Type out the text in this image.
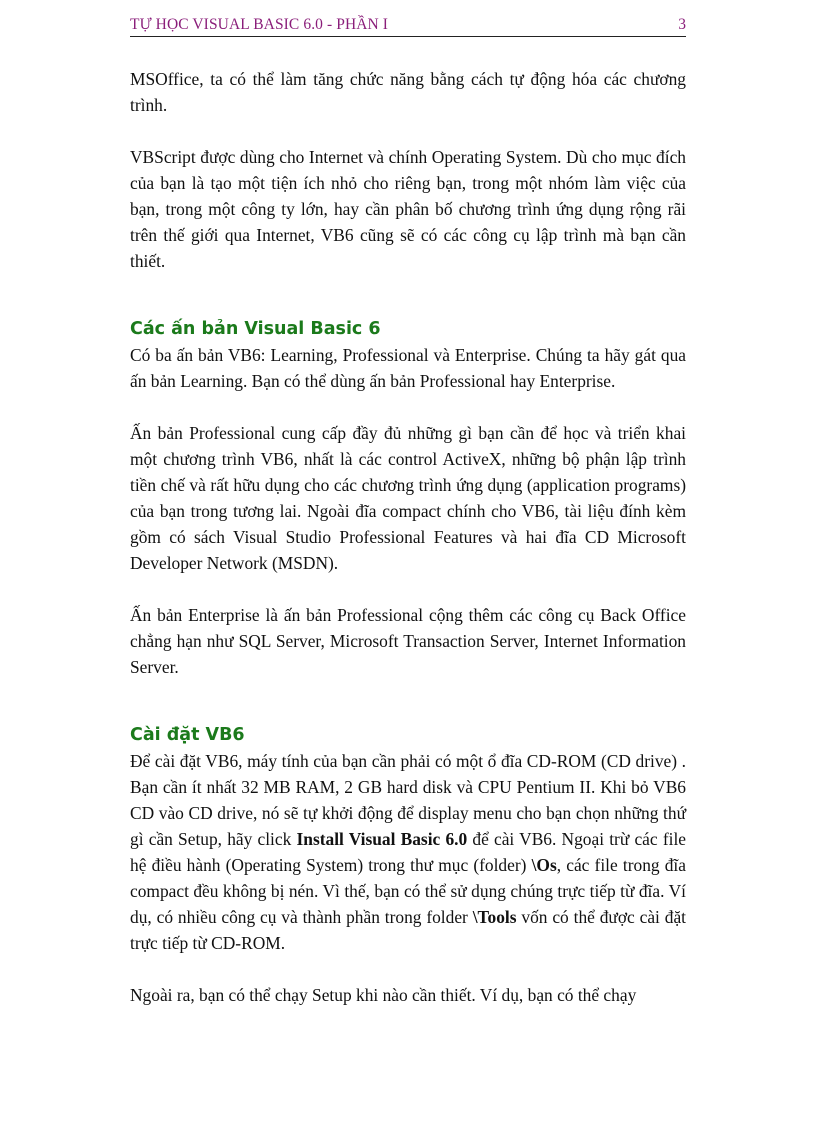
TỰ HỌC VISUAL BASIC 6.0 - PHẦN I	3

MSOffice, ta có thể làm tăng chức năng bằng cách tự động hóa các chương trình.

VBScript được dùng cho Internet và chính Operating System. Dù cho mục đích của bạn là tạo một tiện ích nhỏ cho riêng bạn, trong một nhóm làm việc của bạn, trong một công ty lớn, hay cần phân bố chương trình ứng dụng rộng rãi trên thế giới qua Internet, VB6 cũng sẽ có các công cụ lập trình mà bạn cần thiết.

Các ấn bản Visual Basic 6

Có ba ấn bản VB6: Learning, Professional và Enterprise. Chúng ta hãy gát qua ấn bản Learning. Bạn có thể dùng ấn bản Professional hay Enterprise.

Ấn bản Professional cung cấp đầy đủ những gì bạn cần để học và triển khai một chương trình VB6, nhất là các control ActiveX, những bộ phận lập trình tiền chế và rất hữu dụng cho các chương trình ứng dụng (application programs) của bạn trong tương lai. Ngoài đĩa compact chính cho VB6, tài liệu đính kèm gồm có sách Visual Studio Professional Features và hai đĩa CD Microsoft Developer Network (MSDN).

Ấn bản Enterprise là ấn bản Professional cộng thêm các công cụ Back Office chẳng hạn như SQL Server, Microsoft Transaction Server, Internet Information Server.

Cài đặt VB6

Để cài đặt VB6, máy tính của bạn cần phải có một ổ đĩa CD-ROM (CD drive) . Bạn cần ít nhất 32 MB RAM, 2 GB hard disk và CPU Pentium II. Khi bỏ VB6 CD vào CD drive, nó sẽ tự khởi động để display menu cho bạn chọn những thứ gì cần Setup, hãy click Install Visual Basic 6.0 để cài VB6. Ngoại trừ các file hệ điều hành (Operating System) trong thư mục (folder) \Os, các file trong đĩa compact đều không bị nén. Vì thế, bạn có thể sử dụng chúng trực tiếp từ đĩa. Ví dụ, có nhiều công cụ và thành phần trong folder \Tools vốn có thể được cài đặt trực tiếp từ CD-ROM.

Ngoài ra, bạn có thể chạy Setup khi nào cần thiết. Ví dụ, bạn có thể chạy
